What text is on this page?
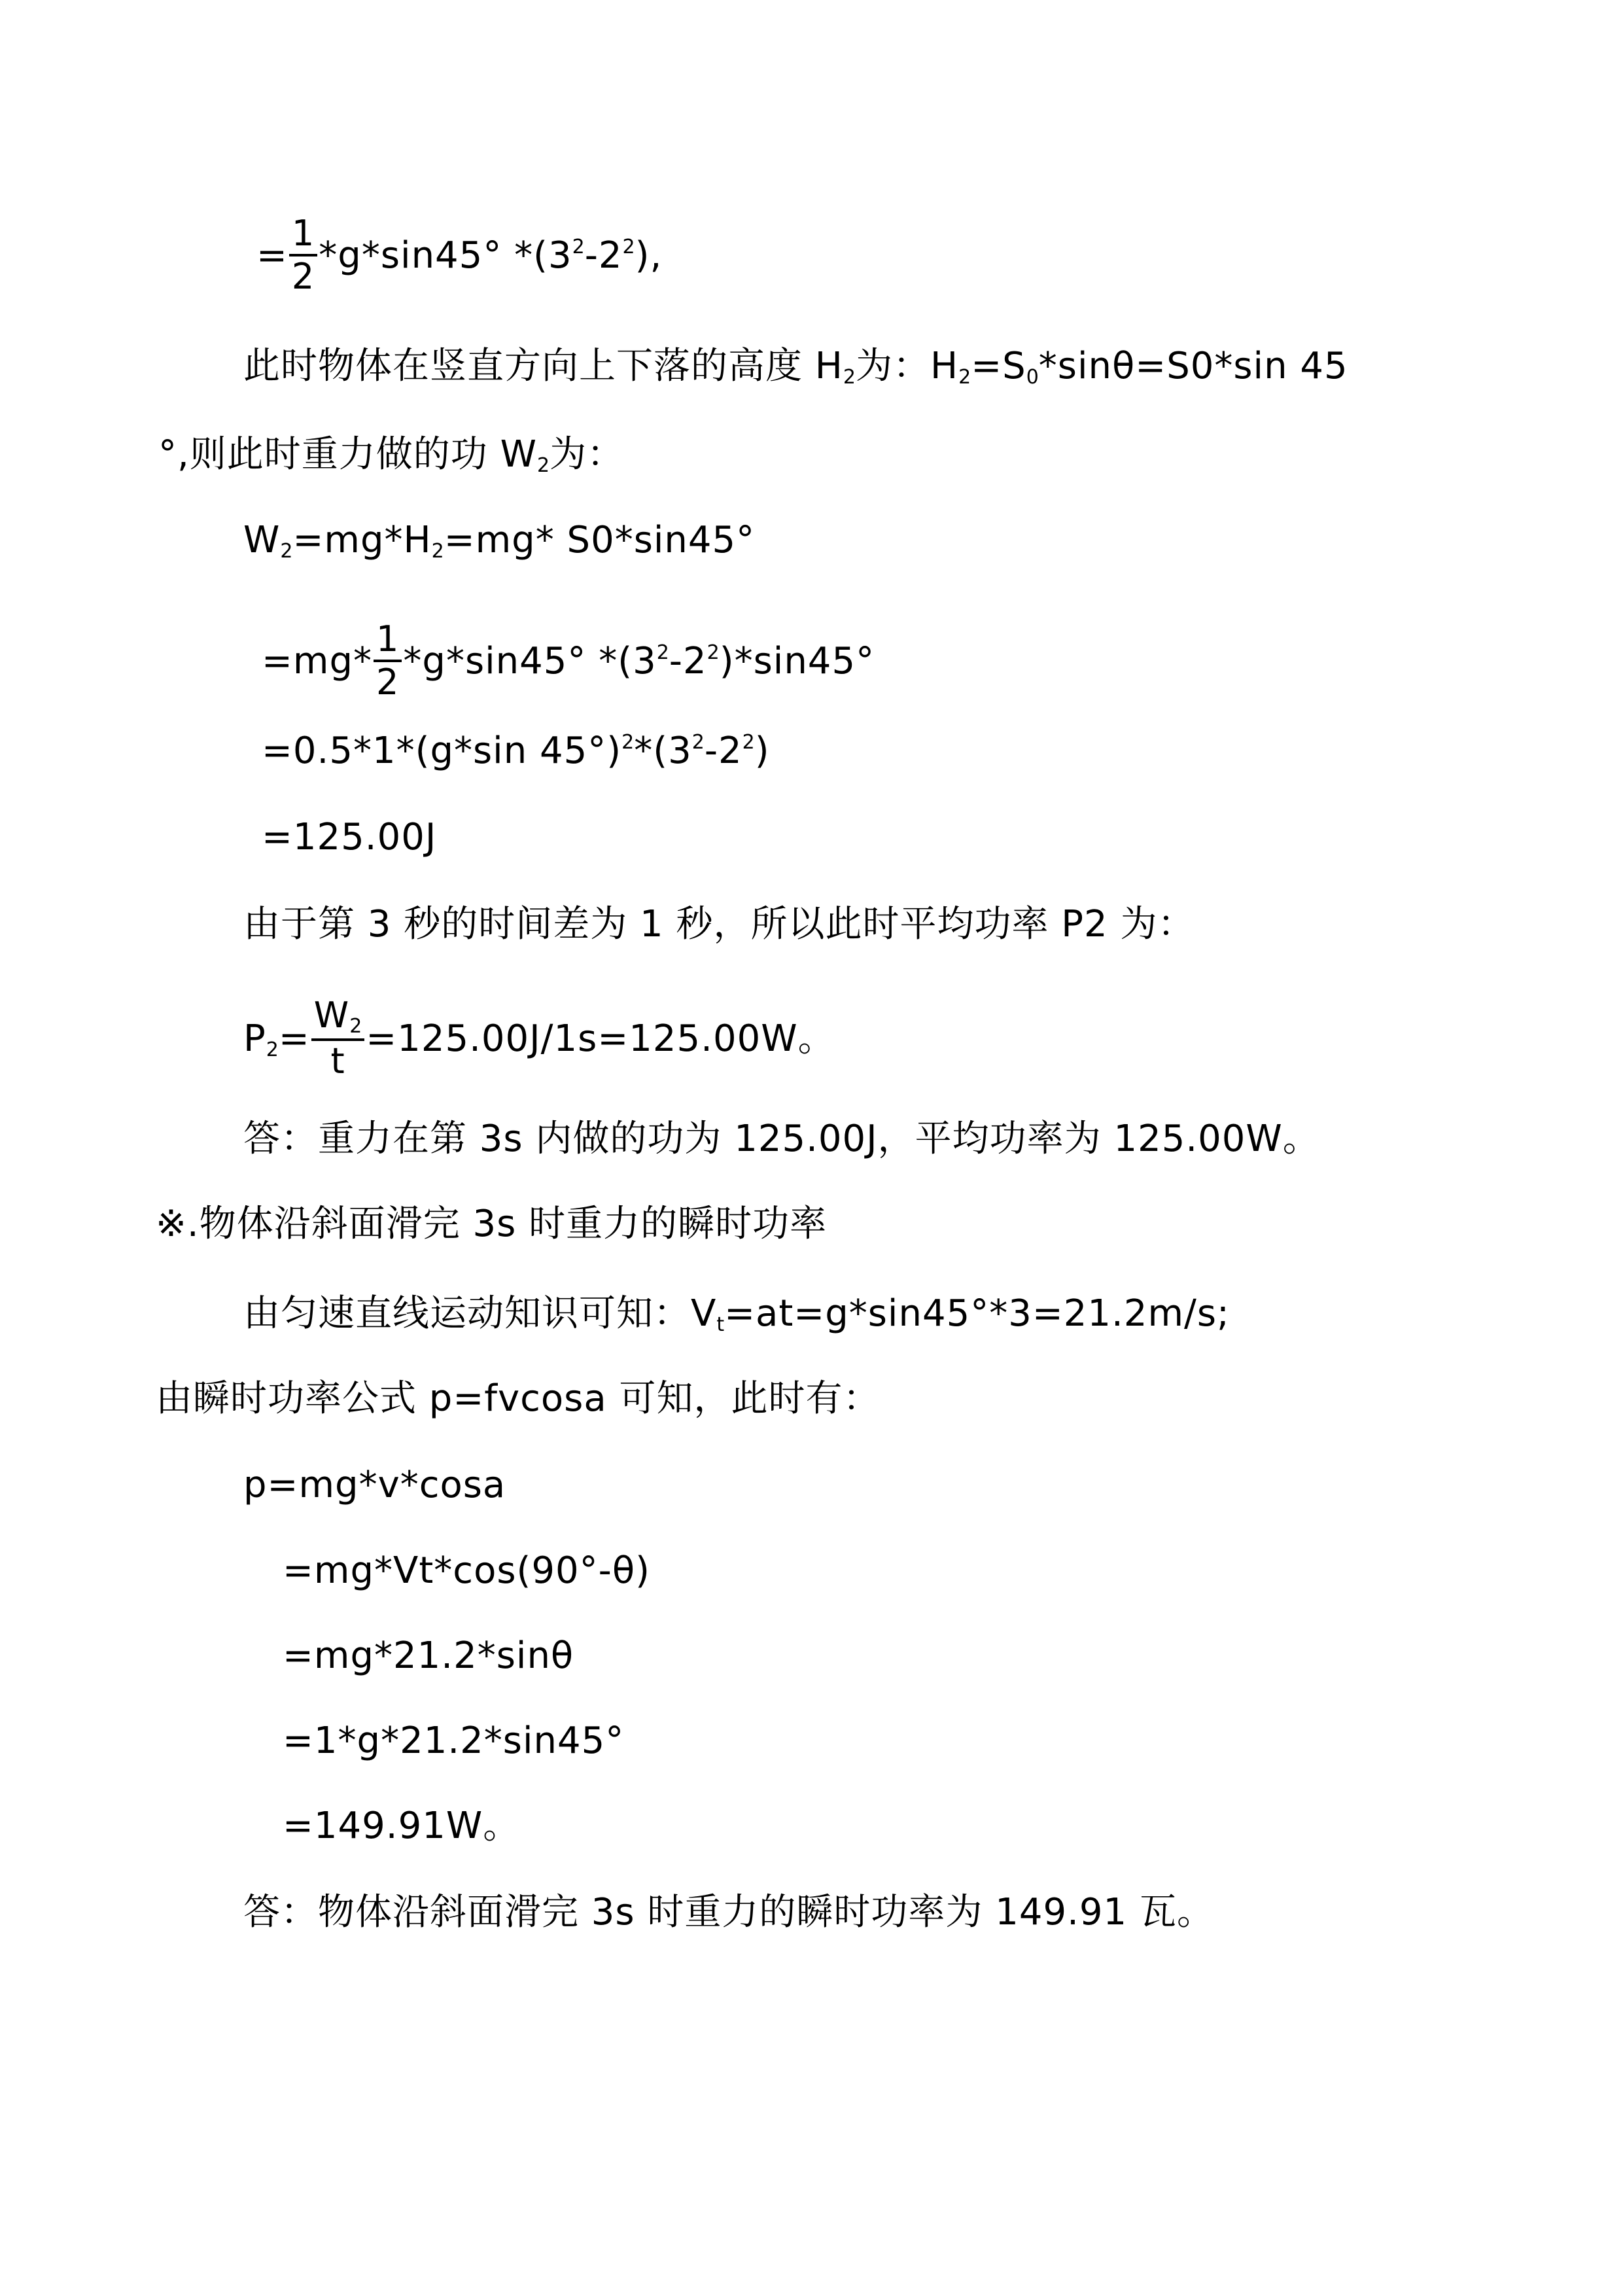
= $\frac{1}{2} *g*\sin 45^\circ$ $*(3^2-2^2)$,
此时物体在竖直方向上下落的高度 $H_2$为：$H_2=S_0*\sin\theta=S0*\sin$ 45
°,则此时重力做的功 $W_2$为：
$W_2=mg*H_2=mg*$ S0*sin45°
$=mg* \frac{1}{2} *g*\sin 45^\circ$ $*(3^2-2^2)*\sin 45^\circ$
=0.5*1*(g*sin $45^\circ)^2*(3^2-2^2)$
=125.00J
由于第 3 秒的时间差为 1 秒，所以此时平均功率 P2 为：
$P_2= \frac{W_2}{t} =125.00J/1s=125.00W$。
答：重力在第 3s 内做的功为 125.00J，平均功率为 125.00W。
※.物体沿斜面滑完 3s 时重力的瞬时功率
由匀速直线运动知识可知：$V_t=at=g*\sin 45^\circ*3=21.2m/s$;
由瞬时功率公式 p=fvcosa 可知，此时有：
p=mg*v*cosa
=mg*Vt*cos(90°-θ)
=mg*21.2*sinθ
=1*g*21.2*sin45°
=149.91W。
答：物体沿斜面滑完 3s 时重力的瞬时功率为 149.91 瓦。
